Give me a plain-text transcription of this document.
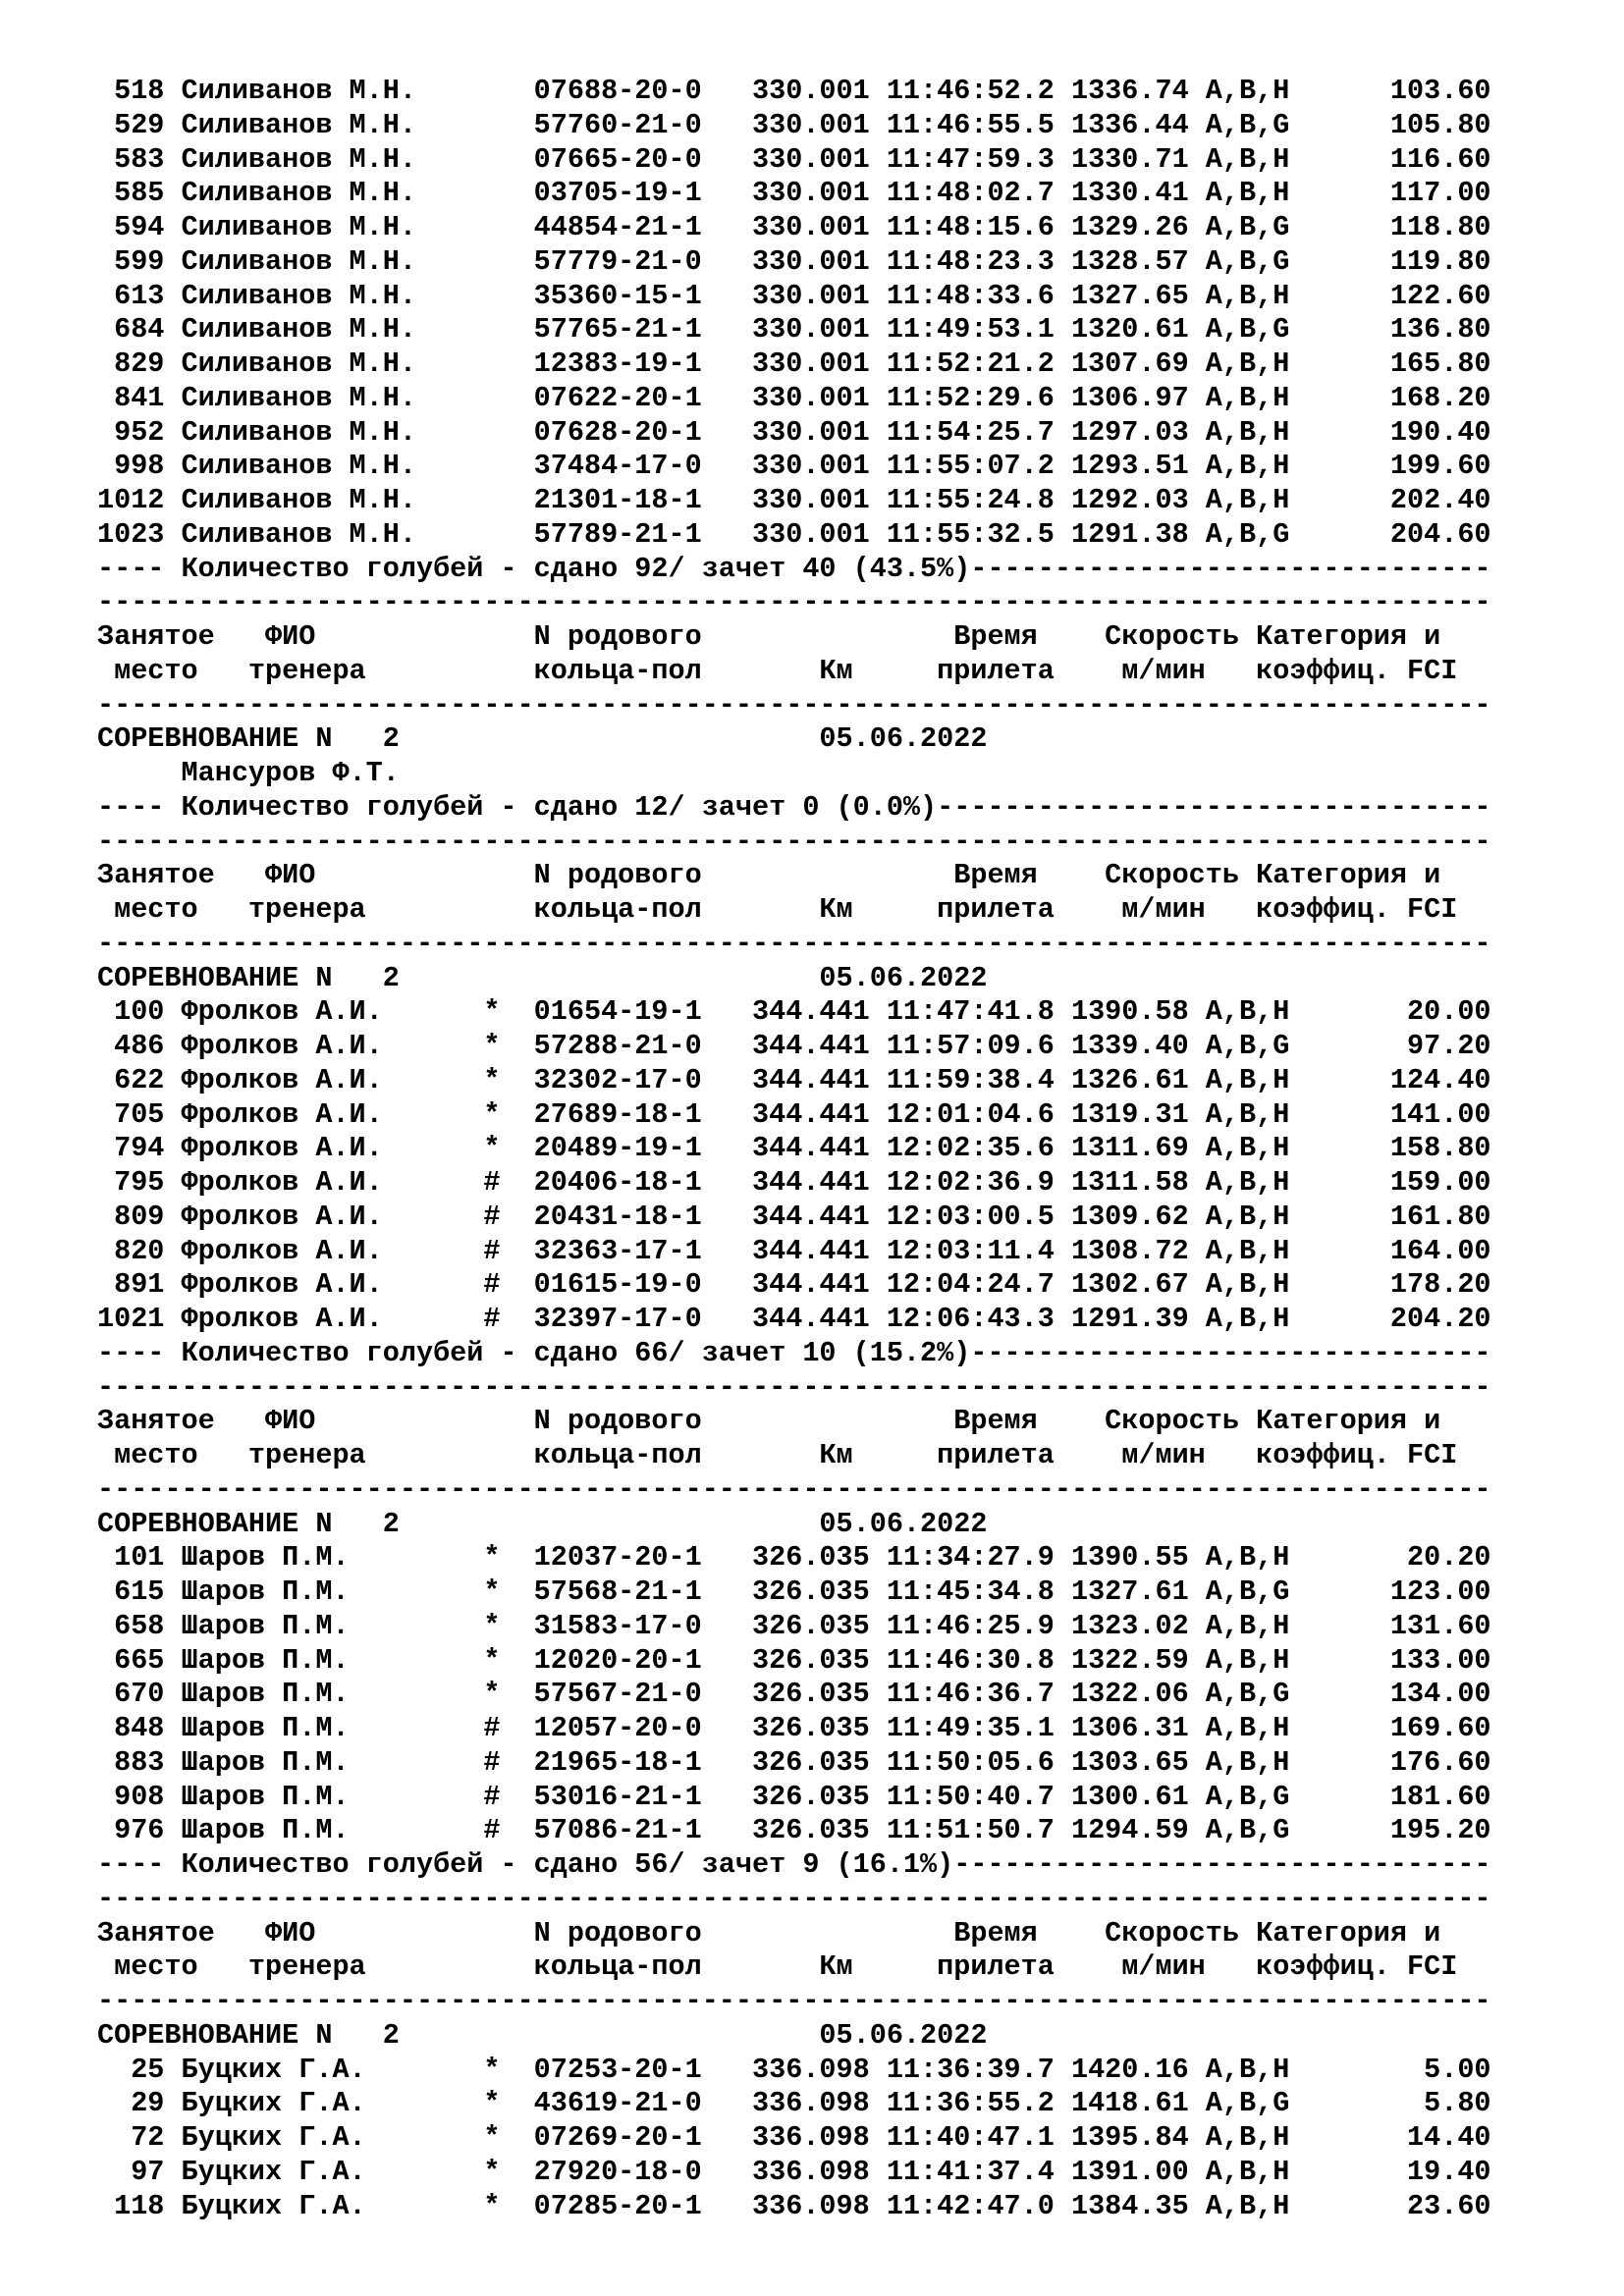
518 Силиванов М.Н.       07688-20-0   330.001 11:46:52.2 1336.74 A,B,H      103.60
529 Силиванов М.Н.       57760-21-0   330.001 11:46:55.5 1336.44 A,B,G      105.80
583 Силиванов М.Н.       07665-20-0   330.001 11:47:59.3 1330.71 A,B,H      116.60
585 Силиванов М.Н.       03705-19-1   330.001 11:48:02.7 1330.41 A,B,H      117.00
594 Силиванов М.Н.       44854-21-1   330.001 11:48:15.6 1329.26 A,B,G      118.80
599 Силиванов М.Н.       57779-21-0   330.001 11:48:23.3 1328.57 A,B,G      119.80
613 Силиванов М.Н.       35360-15-1   330.001 11:48:33.6 1327.65 A,B,H      122.60
684 Силиванов М.Н.       57765-21-1   330.001 11:49:53.1 1320.61 A,B,G      136.80
829 Силиванов М.Н.       12383-19-1   330.001 11:52:21.2 1307.69 A,B,H      165.80
841 Силиванов М.Н.       07622-20-1   330.001 11:52:29.6 1306.97 A,B,H      168.20
952 Силиванов М.Н.       07628-20-1   330.001 11:54:25.7 1297.03 A,B,H      190.40
998 Силиванов М.Н.       37484-17-0   330.001 11:55:07.2 1293.51 A,B,H      199.60
1012 Силиванов М.Н.       21301-18-1   330.001 11:55:24.8 1292.03 A,B,H      202.40
1023 Силиванов М.Н.       57789-21-1   330.001 11:55:32.5 1291.38 A,B,G      204.60
---- Количество голубей - сдано 92/ зачет 40 (43.5%)-------------------------------
-----------------------------------------------------------------------------------
Занятое   ФИО             N родового               Время    Скорость Категория и
место   тренера          кольца-пол       Км     прилета    м/мин   коэффиц. FCI
-----------------------------------------------------------------------------------
СОРЕВНОВАНИЕ N   2                         05.06.2022
Мансуров Ф.Т.
---- Количество голубей - сдано 12/ зачет 0 (0.0%)---------------------------------
-----------------------------------------------------------------------------------
Занятое   ФИО             N родового               Время    Скорость Категория и
место   тренера          кольца-пол       Км     прилета    м/мин   коэффиц. FCI
-----------------------------------------------------------------------------------
СОРЕВНОВАНИЕ N   2                         05.06.2022
100 Фролков А.И.      *  01654-19-1   344.441 11:47:41.8 1390.58 A,B,H       20.00
486 Фролков А.И.      *  57288-21-0   344.441 11:57:09.6 1339.40 A,B,G       97.20
622 Фролков А.И.      *  32302-17-0   344.441 11:59:38.4 1326.61 A,B,H      124.40
705 Фролков А.И.      *  27689-18-1   344.441 12:01:04.6 1319.31 A,B,H      141.00
794 Фролков А.И.      *  20489-19-1   344.441 12:02:35.6 1311.69 A,B,H      158.80
795 Фролков А.И.      #  20406-18-1   344.441 12:02:36.9 1311.58 A,B,H      159.00
809 Фролков А.И.      #  20431-18-1   344.441 12:03:00.5 1309.62 A,B,H      161.80
820 Фролков А.И.      #  32363-17-1   344.441 12:03:11.4 1308.72 A,B,H      164.00
891 Фролков А.И.      #  01615-19-0   344.441 12:04:24.7 1302.67 A,B,H      178.20
1021 Фролков А.И.      #  32397-17-0   344.441 12:06:43.3 1291.39 A,B,H      204.20
---- Количество голубей - сдано 66/ зачет 10 (15.2%)-------------------------------
-----------------------------------------------------------------------------------
Занятое   ФИО             N родового               Время    Скорость Категория и
место   тренера          кольца-пол       Км     прилета    м/мин   коэффиц. FCI
-----------------------------------------------------------------------------------
СОРЕВНОВАНИЕ N   2                         05.06.2022
101 Шаров П.М.        *  12037-20-1   326.035 11:34:27.9 1390.55 A,B,H       20.20
615 Шаров П.М.        *  57568-21-1   326.035 11:45:34.8 1327.61 A,B,G      123.00
658 Шаров П.М.        *  31583-17-0   326.035 11:46:25.9 1323.02 A,B,H      131.60
665 Шаров П.М.        *  12020-20-1   326.035 11:46:30.8 1322.59 A,B,H      133.00
670 Шаров П.М.        *  57567-21-0   326.035 11:46:36.7 1322.06 A,B,G      134.00
848 Шаров П.М.        #  12057-20-0   326.035 11:49:35.1 1306.31 A,B,H      169.60
883 Шаров П.М.        #  21965-18-1   326.035 11:50:05.6 1303.65 A,B,H      176.60
908 Шаров П.М.        #  53016-21-1   326.035 11:50:40.7 1300.61 A,B,G      181.60
976 Шаров П.М.        #  57086-21-1   326.035 11:51:50.7 1294.59 A,B,G      195.20
---- Количество голубей - сдано 56/ зачет 9 (16.1%)--------------------------------
-----------------------------------------------------------------------------------
Занятое   ФИО             N родового               Время    Скорость Категория и
место   тренера          кольца-пол       Км     прилета    м/мин   коэффиц. FCI
-----------------------------------------------------------------------------------
СОРЕВНОВАНИЕ N   2                         05.06.2022
25 Буцких Г.А.       *  07253-20-1   336.098 11:36:39.7 1420.16 A,B,H        5.00
29 Буцких Г.А.       *  43619-21-0   336.098 11:36:55.2 1418.61 A,B,G        5.80
72 Буцких Г.А.       *  07269-20-1   336.098 11:40:47.1 1395.84 A,B,H       14.40
97 Буцких Г.А.       *  27920-18-0   336.098 11:41:37.4 1391.00 A,B,H       19.40
118 Буцких Г.А.       *  07285-20-1   336.098 11:42:47.0 1384.35 A,B,H       23.60
